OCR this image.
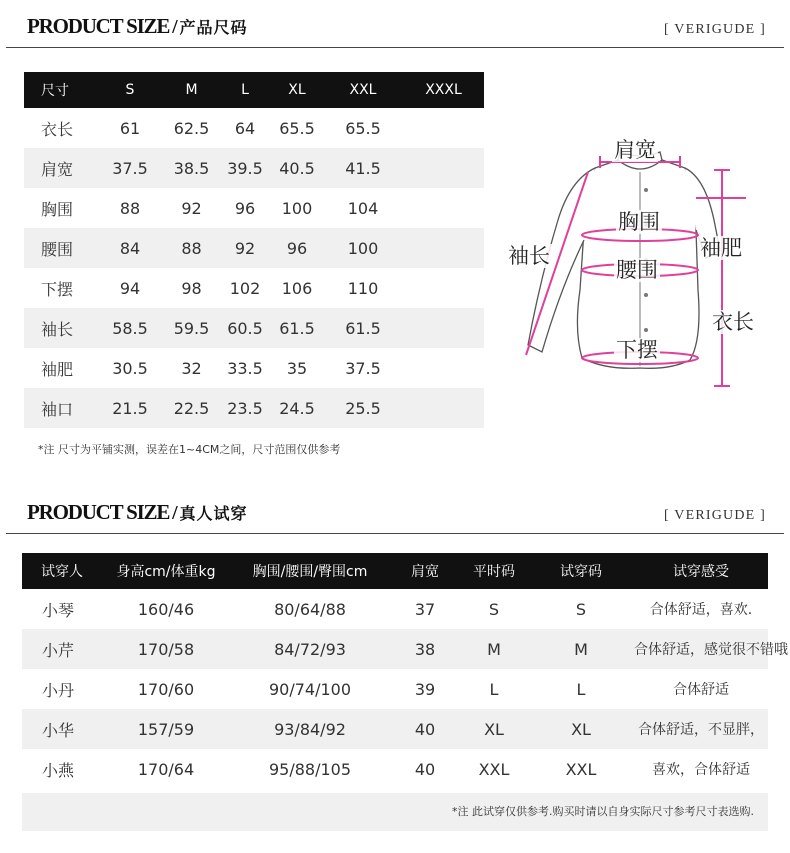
PRODUCT SIZE / 产品尺码	[ VERIGUDE ]
尺寸	S	M	L	XL	XXL	XXXL
衣长	61	62.5	64	65.5	65.5	
肩宽	37.5	38.5	39.5	40.5	41.5	
胸围	88	92	96	100	104	
腰围	84	88	92	96	100	
下摆	94	98	102	106	110	
袖长	58.5	59.5	60.5	61.5	61.5	
袖肥	30.5	32	33.5	35	37.5	
袖口	21.5	22.5	23.5	24.5	25.5	
*注 尺寸为平铺实测，误差在1~4CM之间，尺寸范围仅供参考
肩宽
胸围
腰围
袖长	袖肥
衣长
下摆
PRODUCT SIZE / 真人试穿	[ VERIGUDE ]
试穿人	身高cm/体重kg	胸围/腰围/臀围cm	肩宽	平时码	试穿码	试穿感受
小琴	160/46	80/64/88	37	S	S	合体舒适，喜欢.
小芹	170/58	84/72/93	38	M	M	合体舒适，感觉很不错哦
小丹	170/60	90/74/100	39	L	L	合体舒适
小华	157/59	93/84/92	40	XL	XL	合体舒适，不显胖，
小燕	170/64	95/88/105	40	XXL	XXL	喜欢，合体舒适
*注 此试穿仅供参考.购买时请以自身实际尺寸参考尺寸表选购.
